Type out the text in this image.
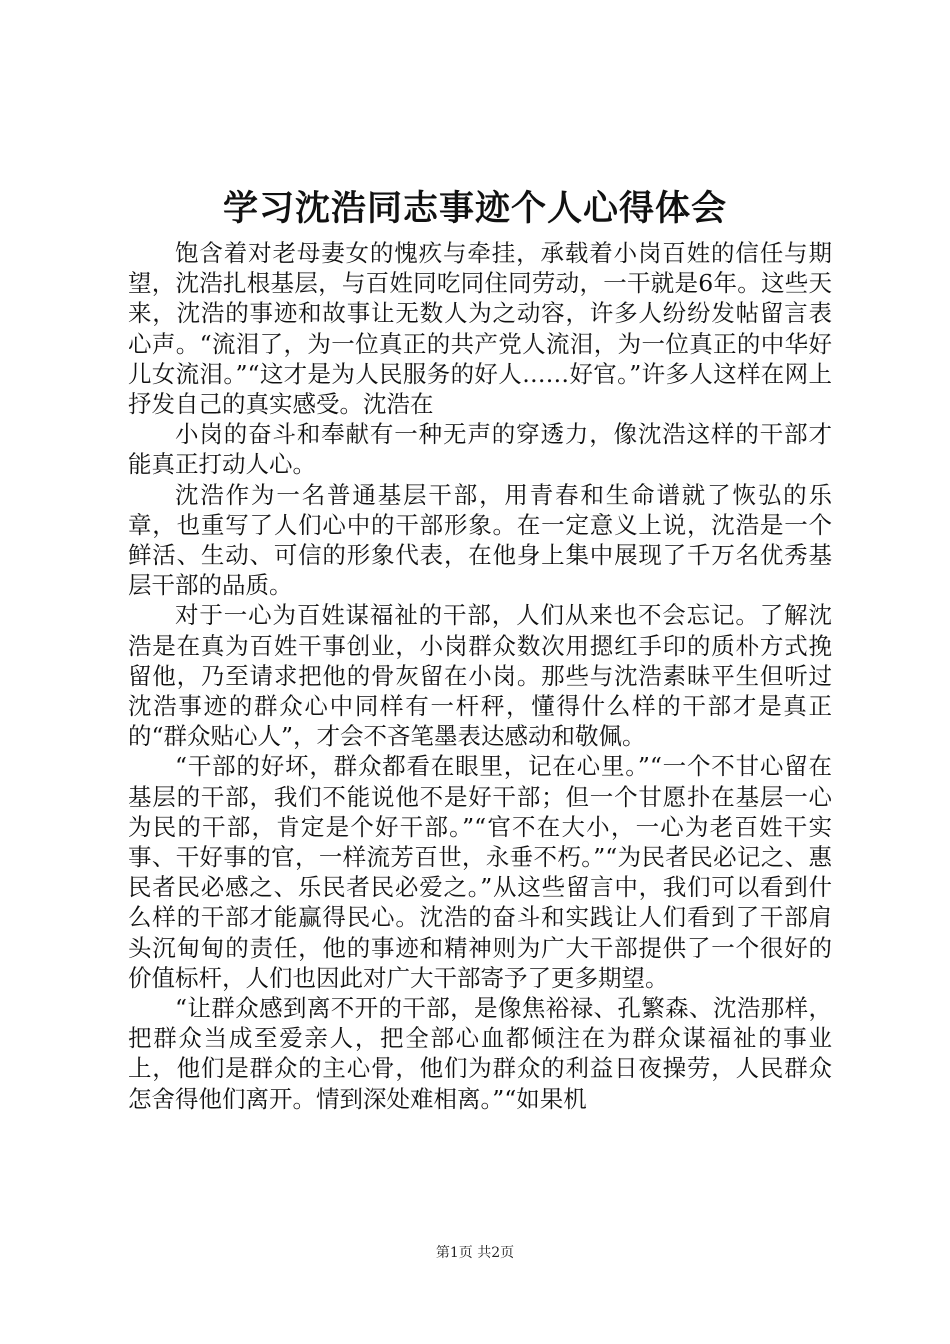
学习沈浩同志事迹个人心得体会

饱含着对老母妻女的愧疚与牵挂，承载着小岗百姓的信任与期望，沈浩扎根基层，与百姓同吃同住同劳动，一干就是6年。这些天来，沈浩的事迹和故事让无数人为之动容，许多人纷纷发帖留言表心声。“流泪了，为一位真正的共产党人流泪，为一位真正的中华好儿女流泪。”“这才是为人民服务的好人……好官。”许多人这样在网上抒发自己的真实感受。沈浩在

小岗的奋斗和奉献有一种无声的穿透力，像沈浩这样的干部才能真正打动人心。

沈浩作为一名普通基层干部，用青春和生命谱就了恢弘的乐章，也重写了人们心中的干部形象。在一定意义上说，沈浩是一个鲜活、生动、可信的形象代表，在他身上集中展现了千万名优秀基层干部的品质。

对于一心为百姓谋福祉的干部，人们从来也不会忘记。了解沈浩是在真为百姓干事创业，小岗群众数次用摁红手印的质朴方式挽留他，乃至请求把他的骨灰留在小岗。那些与沈浩素昧平生但听过沈浩事迹的群众心中同样有一杆秤，懂得什么样的干部才是真正的“群众贴心人”，才会不吝笔墨表达感动和敬佩。

“干部的好坏，群众都看在眼里，记在心里。”“一个不甘心留在基层的干部，我们不能说他不是好干部；但一个甘愿扑在基层一心为民的干部，肯定是个好干部。”“官不在大小，一心为老百姓干实事、干好事的官，一样流芳百世，永垂不朽。”“为民者民必记之、惠民者民必感之、乐民者民必爱之。”从这些留言中，我们可以看到什么样的干部才能赢得民心。沈浩的奋斗和实践让人们看到了干部肩头沉甸甸的责任，他的事迹和精神则为广大干部提供了一个很好的价值标杆，人们也因此对广大干部寄予了更多期望。

“让群众感到离不开的干部，是像焦裕禄、孔繁森、沈浩那样，把群众当成至爱亲人，把全部心血都倾注在为群众谋福祉的事业上，他们是群众的主心骨，他们为群众的利益日夜操劳，人民群众怎舍得他们离开。情到深处难相离。”“如果机

第1页 共2页
